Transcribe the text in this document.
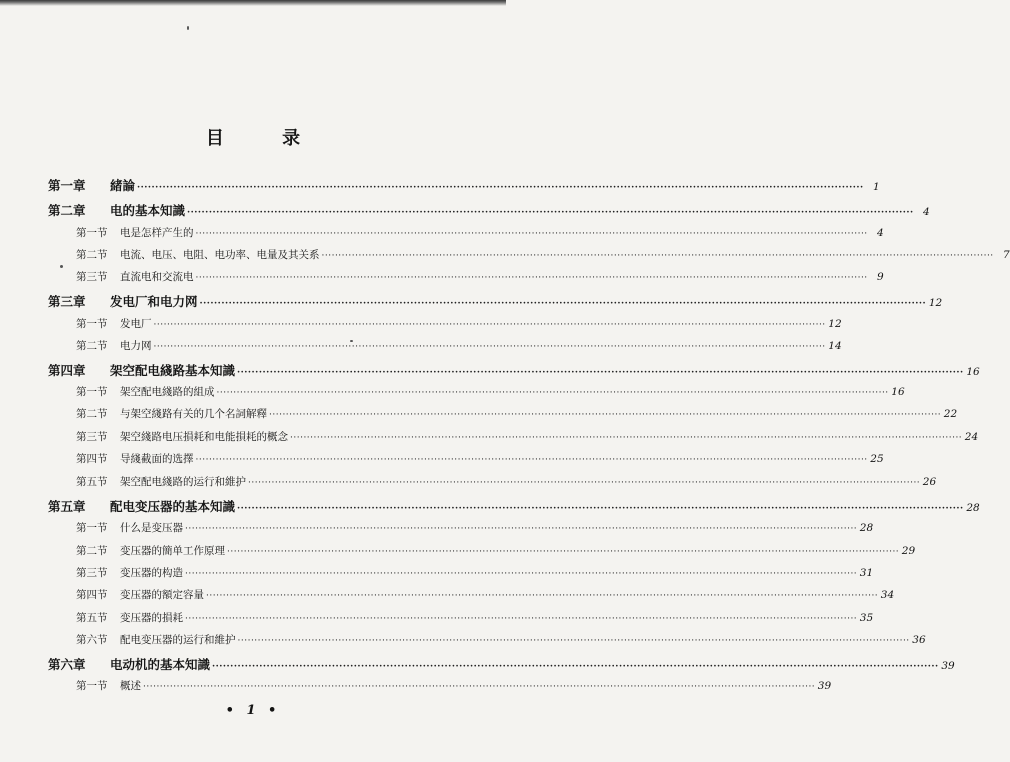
目 录
第一章	緒論 ········································································································································································································ 1
第二章	电的基本知識 ········································································································································································································ 4
第一节	电是怎样产生的 ········································································································································································································ 4
第二节	电流、电压、电阻、电功率、电量及其关系 ········································································································································································································ 7
第三节	直流电和交流电 ········································································································································································································ 9
第三章	发电厂和电力网 ········································································································································································································ 12
第一节	发电厂 ········································································································································································································ 12
第二节	电力网 ········································································································································································································ 14
第四章	架空配电綫路基本知識 ········································································································································································································ 16
第一节	架空配电綫路的組成 ········································································································································································································ 16
第二节	与架空綫路有关的几个名詞解釋 ········································································································································································································ 22
第三节	架空綫路电压損耗和电能損耗的概念 ········································································································································································································ 24
第四节	导綫截面的选擇 ········································································································································································································ 25
第五节	架空配电綫路的运行和維护 ········································································································································································································ 26
第五章	配电变压器的基本知識 ········································································································································································································ 28
第一节	什么是变压器 ········································································································································································································ 28
第二节	变压器的簡单工作原理 ········································································································································································································ 29
第三节	变压器的构造 ········································································································································································································ 31
第四节	变压器的額定容量 ········································································································································································································ 34
第五节	变压器的損耗 ········································································································································································································ 35
第六节	配电变压器的运行和維护 ········································································································································································································ 36
第六章	电动机的基本知識 ········································································································································································································ 39
第一节	概述 ········································································································································································································ 39
• 1 •
